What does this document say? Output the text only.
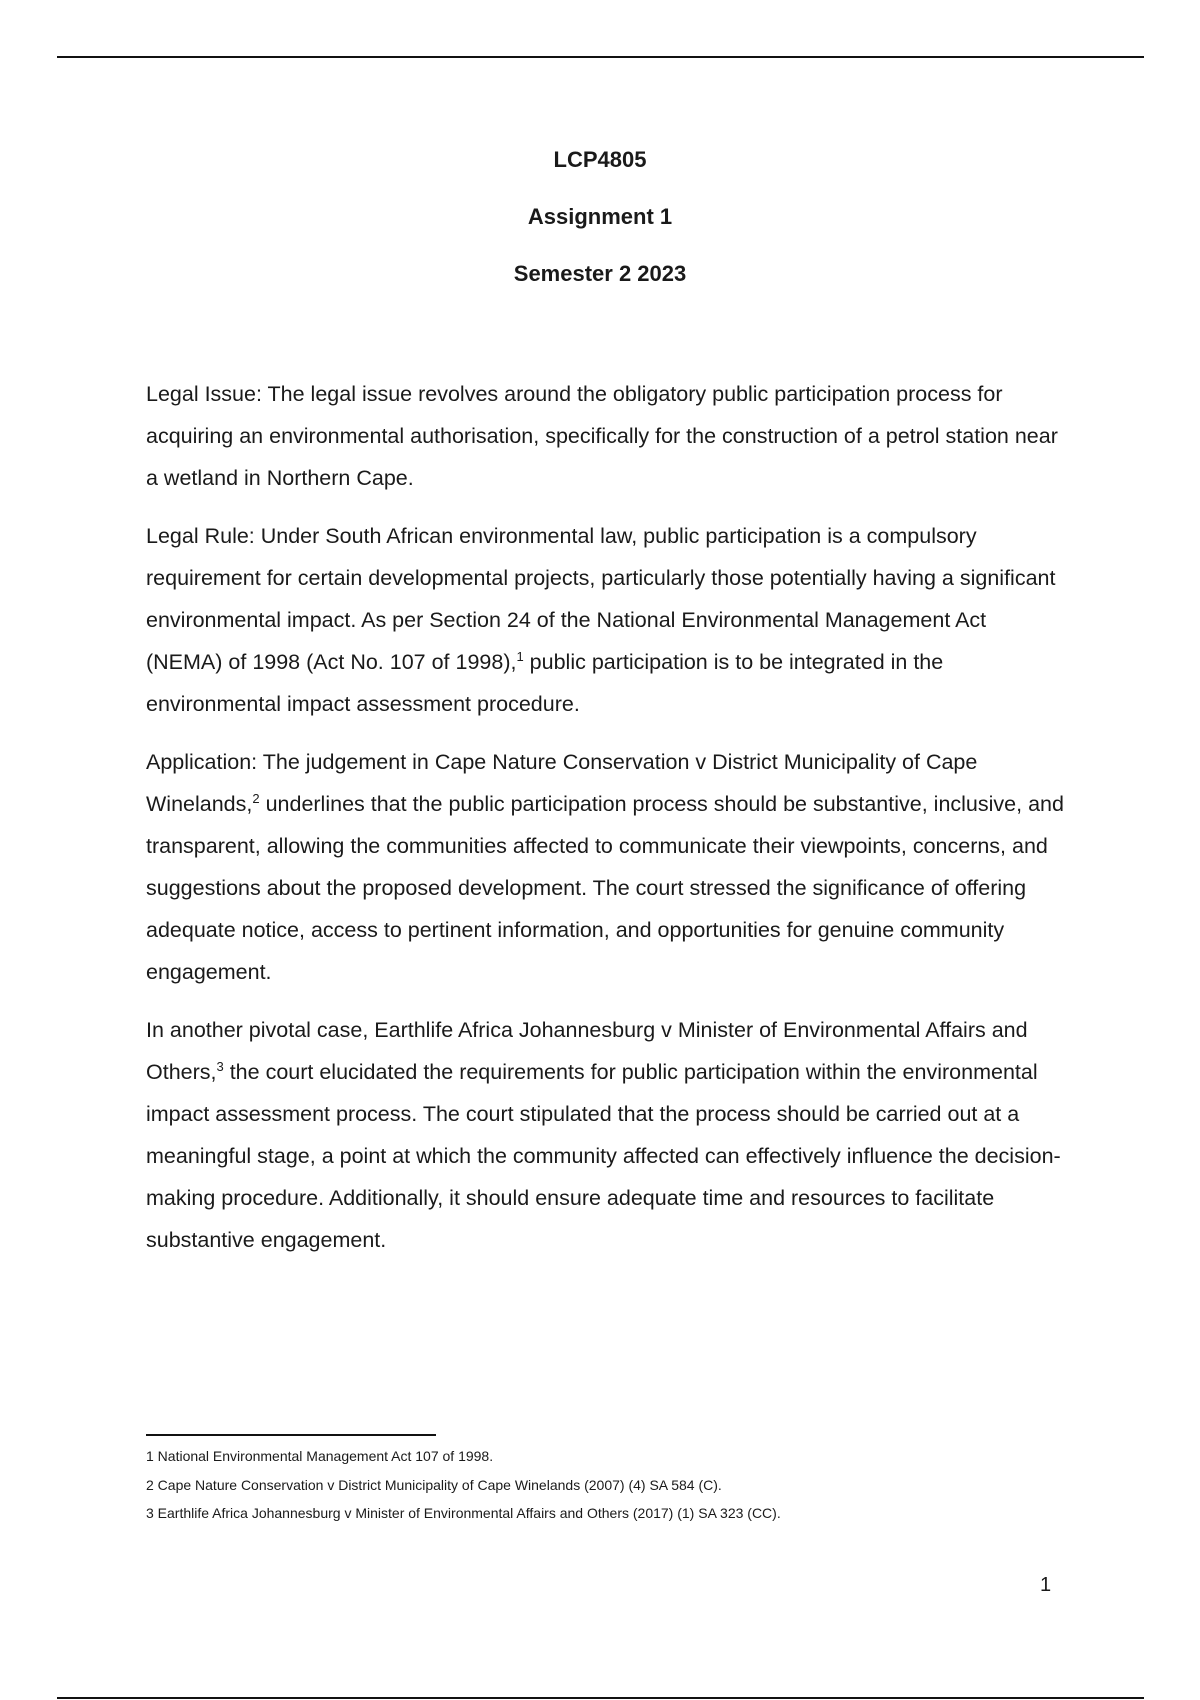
LCP4805
Assignment 1
Semester 2 2023

Legal Issue: The legal issue revolves around the obligatory public participation process for acquiring an environmental authorisation, specifically for the construction of a petrol station near a wetland in Northern Cape.

Legal Rule: Under South African environmental law, public participation is a compulsory requirement for certain developmental projects, particularly those potentially having a significant environmental impact. As per Section 24 of the National Environmental Management Act (NEMA) of 1998 (Act No. 107 of 1998),$^1$ public participation is to be integrated in the environmental impact assessment procedure.

Application: The judgement in Cape Nature Conservation v District Municipality of Cape Winelands,$^2$ underlines that the public participation process should be substantive, inclusive, and transparent, allowing the communities affected to communicate their viewpoints, concerns, and suggestions about the proposed development. The court stressed the significance of offering adequate notice, access to pertinent information, and opportunities for genuine community engagement.

In another pivotal case, Earthlife Africa Johannesburg v Minister of Environmental Affairs and Others,$^3$ the court elucidated the requirements for public participation within the environmental impact assessment process. The court stipulated that the process should be carried out at a meaningful stage, a point at which the community affected can effectively influence the decision-making procedure. Additionally, it should ensure adequate time and resources to facilitate substantive engagement.

1 National Environmental Management Act 107 of 1998.
2 Cape Nature Conservation v District Municipality of Cape Winelands (2007) (4) SA 584 (C).
3 Earthlife Africa Johannesburg v Minister of Environmental Affairs and Others (2017) (1) SA 323 (CC).
1
